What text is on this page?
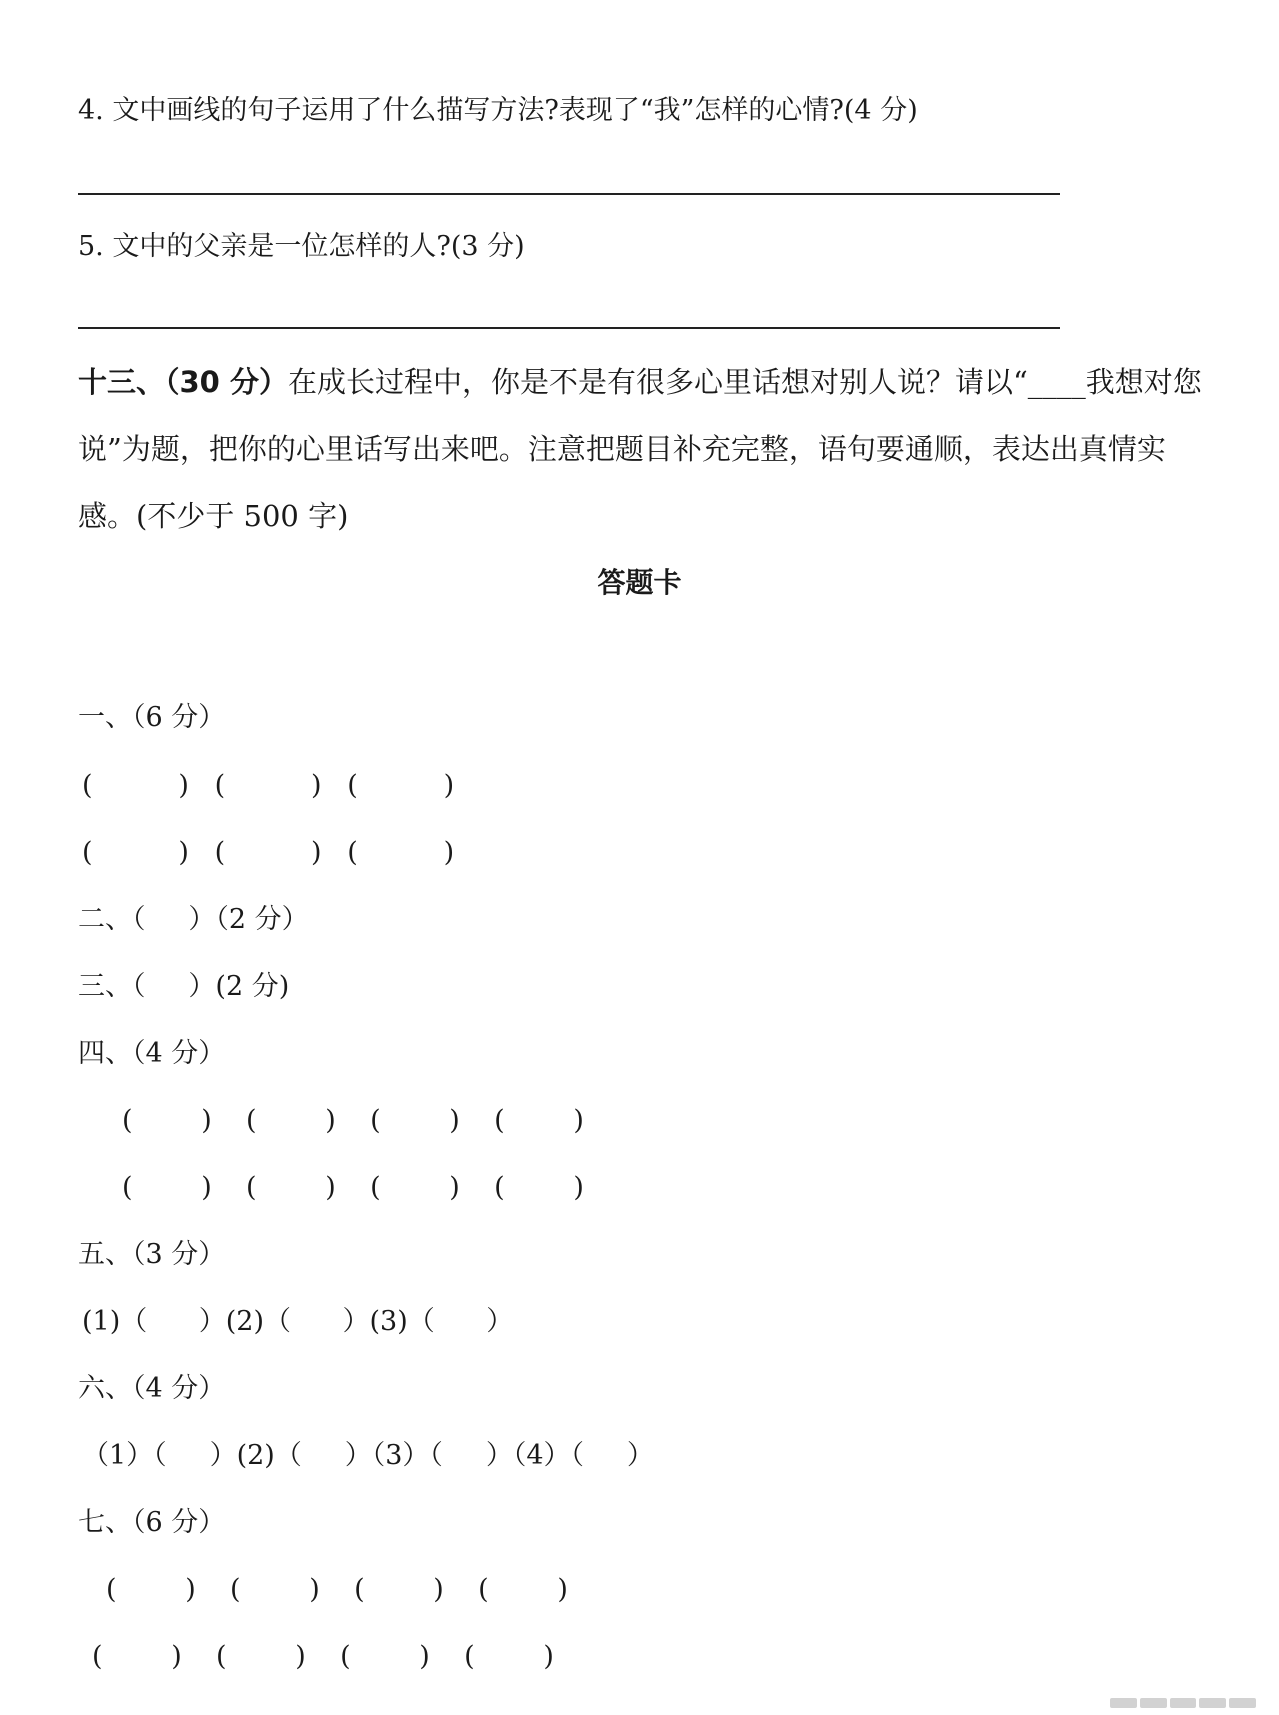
4. 文中画线的句子运用了什么描写方法?表现了“我”怎样的心情?(4 分)
5. 文中的父亲是一位怎样的人?(3 分)
十三、（30 分）在成长过程中，你是不是有很多心里话想对别人说？请以“____我想对您说”为题，把你的心里话写出来吧。注意把题目补充完整，语句要通顺，表达出真情实感。(不少于 500 字)
答题卡
一、（6 分）
(          )   (          )   (          )
(          )   (          )   (          )
二、（     ）（2 分）
三、（     ）(2 分)
四、（4 分）
(        )    (        )    (        )    (        )
(        )    (        )    (        )    (        )
五、（3 分）
(1)（      ）(2)（      ）(3)（      ）
六、（4 分）
（1）（     ）(2)（     ）（3）（     ）（4）（     ）
七、（6 分）
(        )    (        )    (        )    (        )
(        )    (        )    (        )    (        )
